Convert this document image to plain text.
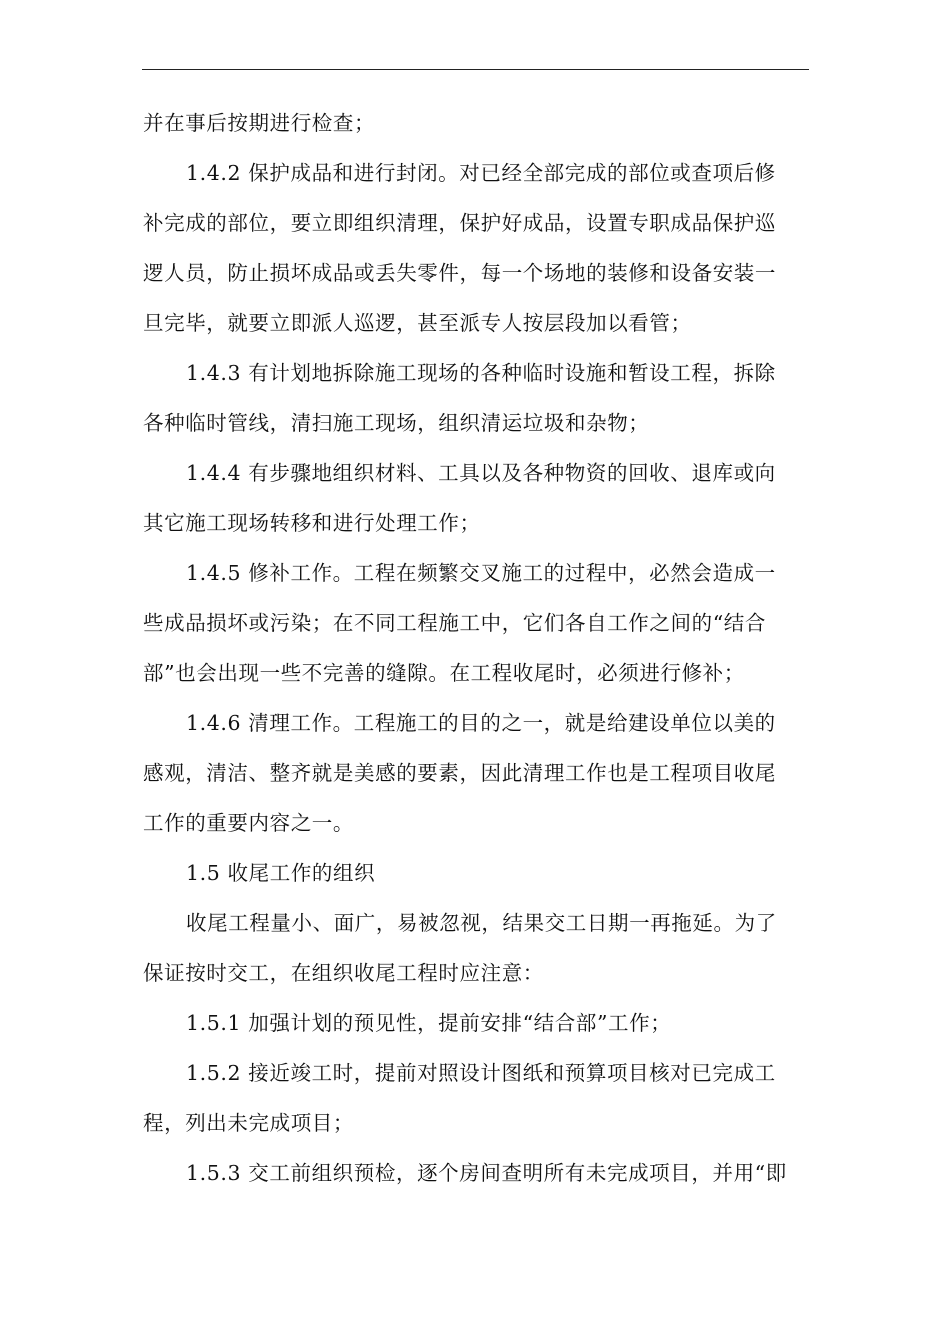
并在事后按期进行检查；
1.4.2 保护成品和进行封闭。对已经全部完成的部位或查项后修
补完成的部位，要立即组织清理，保护好成品，设置专职成品保护巡
逻人员，防止损坏成品或丢失零件，每一个场地的装修和设备安装一
旦完毕，就要立即派人巡逻，甚至派专人按层段加以看管；
1.4.3 有计划地拆除施工现场的各种临时设施和暂设工程，拆除
各种临时管线，清扫施工现场，组织清运垃圾和杂物；
1.4.4 有步骤地组织材料、工具以及各种物资的回收、退库或向
其它施工现场转移和进行处理工作；
1.4.5 修补工作。工程在频繁交叉施工的过程中，必然会造成一
些成品损坏或污染；在不同工程施工中，它们各自工作之间的“结合
部”也会出现一些不完善的缝隙。在工程收尾时，必须进行修补；
1.4.6 清理工作。工程施工的目的之一，就是给建设单位以美的
感观，清洁、整齐就是美感的要素，因此清理工作也是工程项目收尾
工作的重要内容之一。
1.5 收尾工作的组织
收尾工程量小、面广，易被忽视，结果交工日期一再拖延。为了
保证按时交工，在组织收尾工程时应注意：
1.5.1 加强计划的预见性，提前安排“结合部”工作；
1.5.2 接近竣工时，提前对照设计图纸和预算项目核对已完成工
程，列出未完成项目；
1.5.3 交工前组织预检，逐个房间查明所有未完成项目，并用“即
